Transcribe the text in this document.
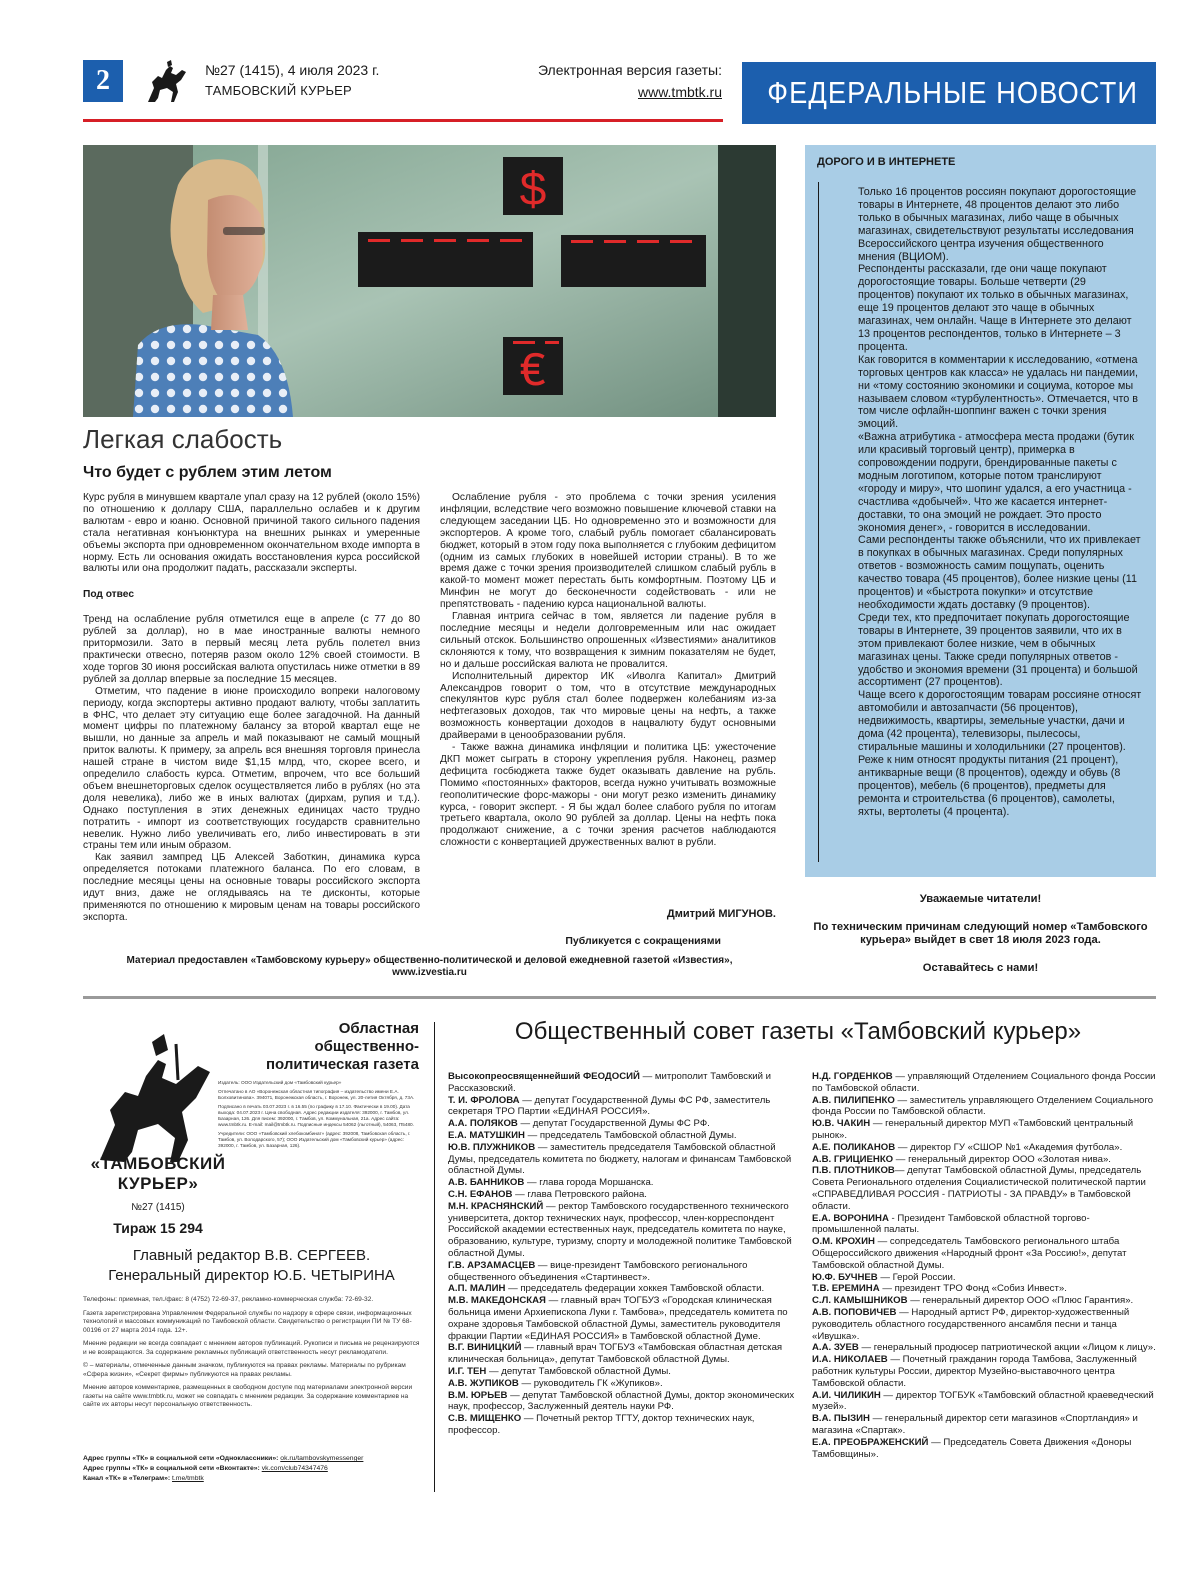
2	№27 (1415), 4 июля 2023 г.
ТАМБОВСКИЙ КУРЬЕР
Электронная версия газеты:
www.tmbtk.ru	ФЕДЕРАЛЬНЫЕ НОВОСТИ
$
€
Легкая слабость
Что будет с рублем этим летом

Курс рубля в минувшем квартале упал сразу на 12 рублей (около 15%) по отношению к доллару США, параллельно ослабев и к другим валютам - евро и юаню. Основной причиной такого сильного падения стала негативная конъюнктура на внешних рынках и умеренные объемы экспорта при одновременном окончательном входе импорта в норму. Есть ли основания ожидать восстановления курса российской валюты или она продолжит падать, рассказали эксперты.

Под отвес

Тренд на ослабление рубля отметился еще в апреле (с 77 до 80 рублей за доллар), но в мае иностранные валюты немного притормозили. Зато в первый месяц лета рубль полетел вниз практически отвесно, потеряв разом около 12% своей стоимости. В ходе торгов 30 июня российская валюта опустилась ниже отметки в 89 рублей за доллар впервые за последние 15 месяцев.

Отметим, что падение в июне происходило вопреки налоговому периоду, когда экспортеры активно продают валюту, чтобы заплатить в ФНС, что делает эту ситуацию еще более загадочной. На данный момент цифры по платежному балансу за второй квартал еще не вышли, но данные за апрель и май показывают не самый мощный приток валюты. К примеру, за апрель вся внешняя торговля принесла нашей стране в чистом виде $1,15 млрд, что, скорее всего, и определило слабость курса. Отметим, впрочем, что все больший объем внешнеторговых сделок осуществляется либо в рублях (но эта доля невелика), либо же в иных валютах (дирхам, рупия и т.д.). Однако поступления в этих денежных единицах часто трудно потратить - импорт из соответствующих государств сравнительно невелик. Нужно либо увеличивать его, либо инвестировать в эти страны тем или иным образом.

Как заявил зампред ЦБ Алексей Заботкин, динамика курса определяется потоками платежного баланса. По его словам, в последние месяцы цены на основные товары российского экспорта идут вниз, даже не оглядываясь на те дисконты, которые применяются по отношению к мировым ценам на товары российского экспорта.

Ослабление рубля - это проблема с точки зрения усиления инфляции, вследствие чего возможно повышение ключевой ставки на следующем заседании ЦБ. Но одновременно это и возможности для экспортеров. А кроме того, слабый рубль помогает сбалансировать бюджет, который в этом году пока выполняется с глубоким дефицитом (одним из самых глубоких в новейшей истории страны). В то же время даже с точки зрения производителей слишком слабый рубль в какой-то момент может перестать быть комфортным. Поэтому ЦБ и Минфин не могут до бесконечности содействовать - или не препятствовать - падению курса национальной валюты.

Главная интрига сейчас в том, является ли падение рубля в последние месяцы и недели долговременным или нас ожидает сильный отскок. Большинство опрошенных «Известиями» аналитиков склоняются к тому, что возвращения к зимним показателям не будет, но и дальше российская валюта не провалится.

Исполнительный директор ИК «Иволга Капитал» Дмитрий Александров говорит о том, что в отсутствие международных спекулянтов курс рубля стал более подвержен колебаниям из-за нефтегазовых доходов, так что мировые цены на нефть, а также возможность конвертации доходов в нацвалюту будут основными драйверами в ценообразовании рубля.

- Также важна динамика инфляции и политика ЦБ: ужесточение ДКП может сыграть в сторону укрепления рубля. Наконец, размер дефицита госбюджета также будет оказывать давление на рубль. Помимо «постоянных» факторов, всегда нужно учитывать возможные геополитические форс-мажоры - они могут резко изменить динамику курса, - говорит эксперт. - Я бы ждал более слабого рубля по итогам третьего квартала, около 90 рублей за доллар. Цены на нефть пока продолжают снижение, а с точки зрения расчетов наблюдаются сложности с конвертацией дружественных валют в рубли.

Дмитрий МИГУНОВ.
Публикуется с сокращениями
Материал предоставлен «Тамбовскому курьеру» общественно-политической и деловой ежедневной газетой «Известия»,
www.izvestia.ru
ДОРОГО И В ИНТЕРНЕТЕ

Только 16 процентов россиян покупают дорогостоящие товары в Интернете, 48 процентов делают это либо только в обычных магазинах, либо чаще в обычных магазинах, свидетельствуют результаты исследования Всероссийского центра изучения общественного мнения (ВЦИОМ).

Респонденты рассказали, где они чаще покупают дорогостоящие товары. Больше четверти (29 процентов) покупают их только в обычных магазинах, еще 19 процентов делают это чаще в обычных магазинах, чем онлайн. Чаще в Интернете это делают 13 процентов респондентов, только в Интернете – 3 процента.

Как говорится в комментарии к исследованию, «отмена торговых центров как класса» не удалась ни пандемии, ни «тому состоянию экономики и социума, которое мы называем словом «турбулентность». Отмечается, что в том числе офлайн-шоппинг важен с точки зрения эмоций.

«Важна атрибутика - атмосфера места продажи (бутик или красивый торговый центр), примерка в сопровождении подруги, брендированные пакеты с модным логотипом, которые потом транслируют «городу и миру», что шопинг удался, а его участница - счастлива «добычей». Что же касается интернет-доставки, то она эмоций не рождает. Это просто экономия денег», - говорится в исследовании.

Сами респонденты также объяснили, что их привлекает в покупках в обычных магазинах. Среди популярных ответов - возможность самим пощупать, оценить качество товара (45 процентов), более низкие цены (11 процентов) и «быстрота покупки» и отсутствие необходимости ждать доставку (9 процентов).

Среди тех, кто предпочитает покупать дорогостоящие товары в Интернете, 39 процентов заявили, что их в этом привлекают более низкие, чем в обычных магазинах цены. Также среди популярных ответов - удобство и экономия времени (31 процента) и большой ассортимент (27 процентов).

Чаще всего к дорогостоящим товарам россияне относят автомобили и автозапчасти (56 процентов), недвижимость, квартиры, земельные участки, дачи и дома (42 процента), телевизоры, пылесосы, стиральные машины и холодильники (27 процентов).

Реже к ним относят продукты питания (21 процент), антикварные вещи (8 процентов), одежду и обувь (8 процентов), мебель (6 процентов), предметы для ремонта и строительства (6 процентов), самолеты, яхты, вертолеты (4 процента).

Уважаемые читатели!

По техническим причинам следующий номер «Тамбовского курьера» выйдет в свет 18 июля 2023 года.

Оставайтесь с нами!

Областная общественно-политическая газета
«ТАМБОВСКИЙ
КУРЬЕР»
№27 (1415)
Тираж 15 294

Издатель: ООО Издательский дом «Тамбовский курьер»

Отпечатано в АО «Воронежская областная типография – издательство имени Е.А. Болховитинова». 394071, Воронежская область, г. Воронеж, ул. 20-летия Октября, д. 73А.

Подписано в печать 03.07.2023 г. в 16.55 (по графику в 17.10. Фактически в 19.00). Дата выхода: 04.07.2023 г. Цена свободная. Адрес редакции издателя: 392000, г. Тамбов, ул. Базарная, 126. Для писем: 392000, г. Тамбов, ул. Коммунальная, 21а. Адрес сайта: www.tmbtk.ru. E-mail: mail@tmbtk.ru. Подписные индексы 54062 (льготный), 54063, П5480.

Учредители: ООО «Тамбовский хлебокомбинат» (адрес: 392008, Тамбовская область, г. Тамбов, ул. Володарского, 57); ООО Издательский дом «Тамбовский курьер» (адрес: 392000, г. Тамбов, ул. Базарная, 126).

Главный редактор В.В. СЕРГЕЕВ.
Генеральный директор Ю.Б. ЧЕТЫРИНА

Телефоны: приемная, тел./факс: 8 (4752) 72-69-37, рекламно-коммерческая служба: 72-69-32.

Газета зарегистрирована Управлением Федеральной службы по надзору в сфере связи, информационных технологий и массовых коммуникаций по Тамбовской области. Свидетельство о регистрации ПИ № ТУ 68-00196 от 27 марта 2014 года. 12+.

Мнение редакции не всегда совпадает с мнением авторов публикаций. Рукописи и письма не рецензируются и не возвращаются. За содержание рекламных публикаций ответственность несут рекламодатели.

© – материалы, отмеченные данным значком, публикуются на правах рекламы. Материалы по рубрикам «Сфера жизни», «Секрет фирмы» публикуются на правах рекламы.

Мнение авторов комментариев, размещенных в свободном доступе под материалами электронной версии газеты на сайте www.tmbtk.ru, может не совпадать с мнением редакции. За содержание комментариев на сайте их авторы несут персональную ответственность.

Адрес группы «ТК» в социальной сети «Одноклассники»: ok.ru/tambovskymessenger

Адрес группы «ТК» в социальной сети «Вконтакте»: vk.com/club74347476

Канал «ТК» в «Телеграм»: t.me/tmbtk

Общественный совет газеты «Тамбовский курьер»

Высокопреосвященнейший ФЕОДОСИЙ — митрополит Тамбовский и Рассказовский.

Т. И. ФРОЛОВА — депутат Государственной Думы ФС РФ, заместитель секретаря ТРО Партии «ЕДИНАЯ РОССИЯ».

А.А. ПОЛЯКОВ — депутат Государственной Думы ФС РФ.

Е.А. МАТУШКИН — председатель Тамбовской областной Думы.

Ю.В. ПЛУЖНИКОВ — заместитель председателя Тамбовской областной Думы, председатель комитета по бюджету, налогам и финансам Тамбовской областной Думы.

А.В. БАННИКОВ — глава города Моршанска.

С.Н. ЕФАНОВ — глава Петровского района.

М.Н. КРАСНЯНСКИЙ — ректор Тамбовского государственного технического университета, доктор технических наук, профессор, член-корреспондент Российской академии естественных наук, председатель комитета по науке, образованию, культуре, туризму, спорту и молодежной политике Тамбовской областной Думы.

Г.В. АРЗАМАСЦЕВ — вице-президент Тамбовского регионального общественного объединения «Стартинвест».

А.П. МАЛИН — председатель федерации хоккея Тамбовской области.

М.В. МАКЕДОНСКАЯ — главный врач ТОГБУЗ «Городская клиническая больница имени Архиепископа Луки г. Тамбова», председатель комитета по охране здоровья Тамбовской областной Думы, заместитель руководителя фракции Партии «ЕДИНАЯ РОССИЯ» в Тамбовской областной Думе.

В.Г. ВИНИЦКИЙ — главный врач ТОГБУЗ «Тамбовская областная детская клиническая больница», депутат Тамбовской областной Думы.

И.Г. ТЕН — депутат Тамбовской областной Думы.

А.В. ЖУПИКОВ — руководитель ГК «Жупиков».

В.М. ЮРЬЕВ — депутат Тамбовской областной Думы, доктор экономических наук, профессор, Заслуженный деятель науки РФ.

С.В. МИЩЕНКО — Почетный ректор ТГТУ, доктор технических наук, профессор.

Н.Д. ГОРДЕНКОВ — управляющий Отделением Социального фонда России по Тамбовской области.

А.В. ПИЛИПЕНКО — заместитель управляющего Отделением Социального фонда России по Тамбовской области.

Ю.В. ЧАКИН — генеральный директор МУП «Тамбовский центральный рынок».

А.Е. ПОЛИКАНОВ — директор ГУ «СШОР №1 «Академия футбола».

А.В. ГРИЦИЕНКО — генеральный директор ООО «Золотая нива».

П.В. ПЛОТНИКОВ— депутат Тамбовской областной Думы, председатель Совета Регионального отделения Социалистической политической партии «СПРАВЕДЛИВАЯ РОССИЯ - ПАТРИОТЫ - ЗА ПРАВДУ» в Тамбовской области.

Е.А. ВОРОНИНА - Президент Тамбовской областной торгово-промышленной палаты.

О.М. КРОХИН — сопредседатель Тамбовского регионального штаба Общероссийского движения «Народный фронт «За Россию!», депутат Тамбовской областной Думы.

Ю.Ф. БУЧНЕВ — Герой России.

Т.В. ЕРЕМИНА — президент ТРО Фонд «Собиз Инвест».

С.Л. КАМЫШНИКОВ — генеральный директор ООО «Плюс Гарантия».

А.В. ПОПОВИЧЕВ — Народный артист РФ, директор-художественный руководитель областного государственного ансамбля песни и танца «Ивушка».

А.А. ЗУЕВ — генеральный продюсер патриотической акции «Лицом к лицу».

И.А. НИКОЛАЕВ — Почетный гражданин города Тамбова, Заслуженный работник культуры России, директор Музейно-выставочного центра Тамбовской области.

А.И. ЧИЛИКИН — директор ТОГБУК «Тамбовский областной краеведческий музей».

В.А. ПЫЗИН — генеральный директор сети магазинов «Спортландия» и магазина «Спартак».

Е.А. ПРЕОБРАЖЕНСКИЙ — Председатель Совета Движения «Доноры Тамбовщины».
